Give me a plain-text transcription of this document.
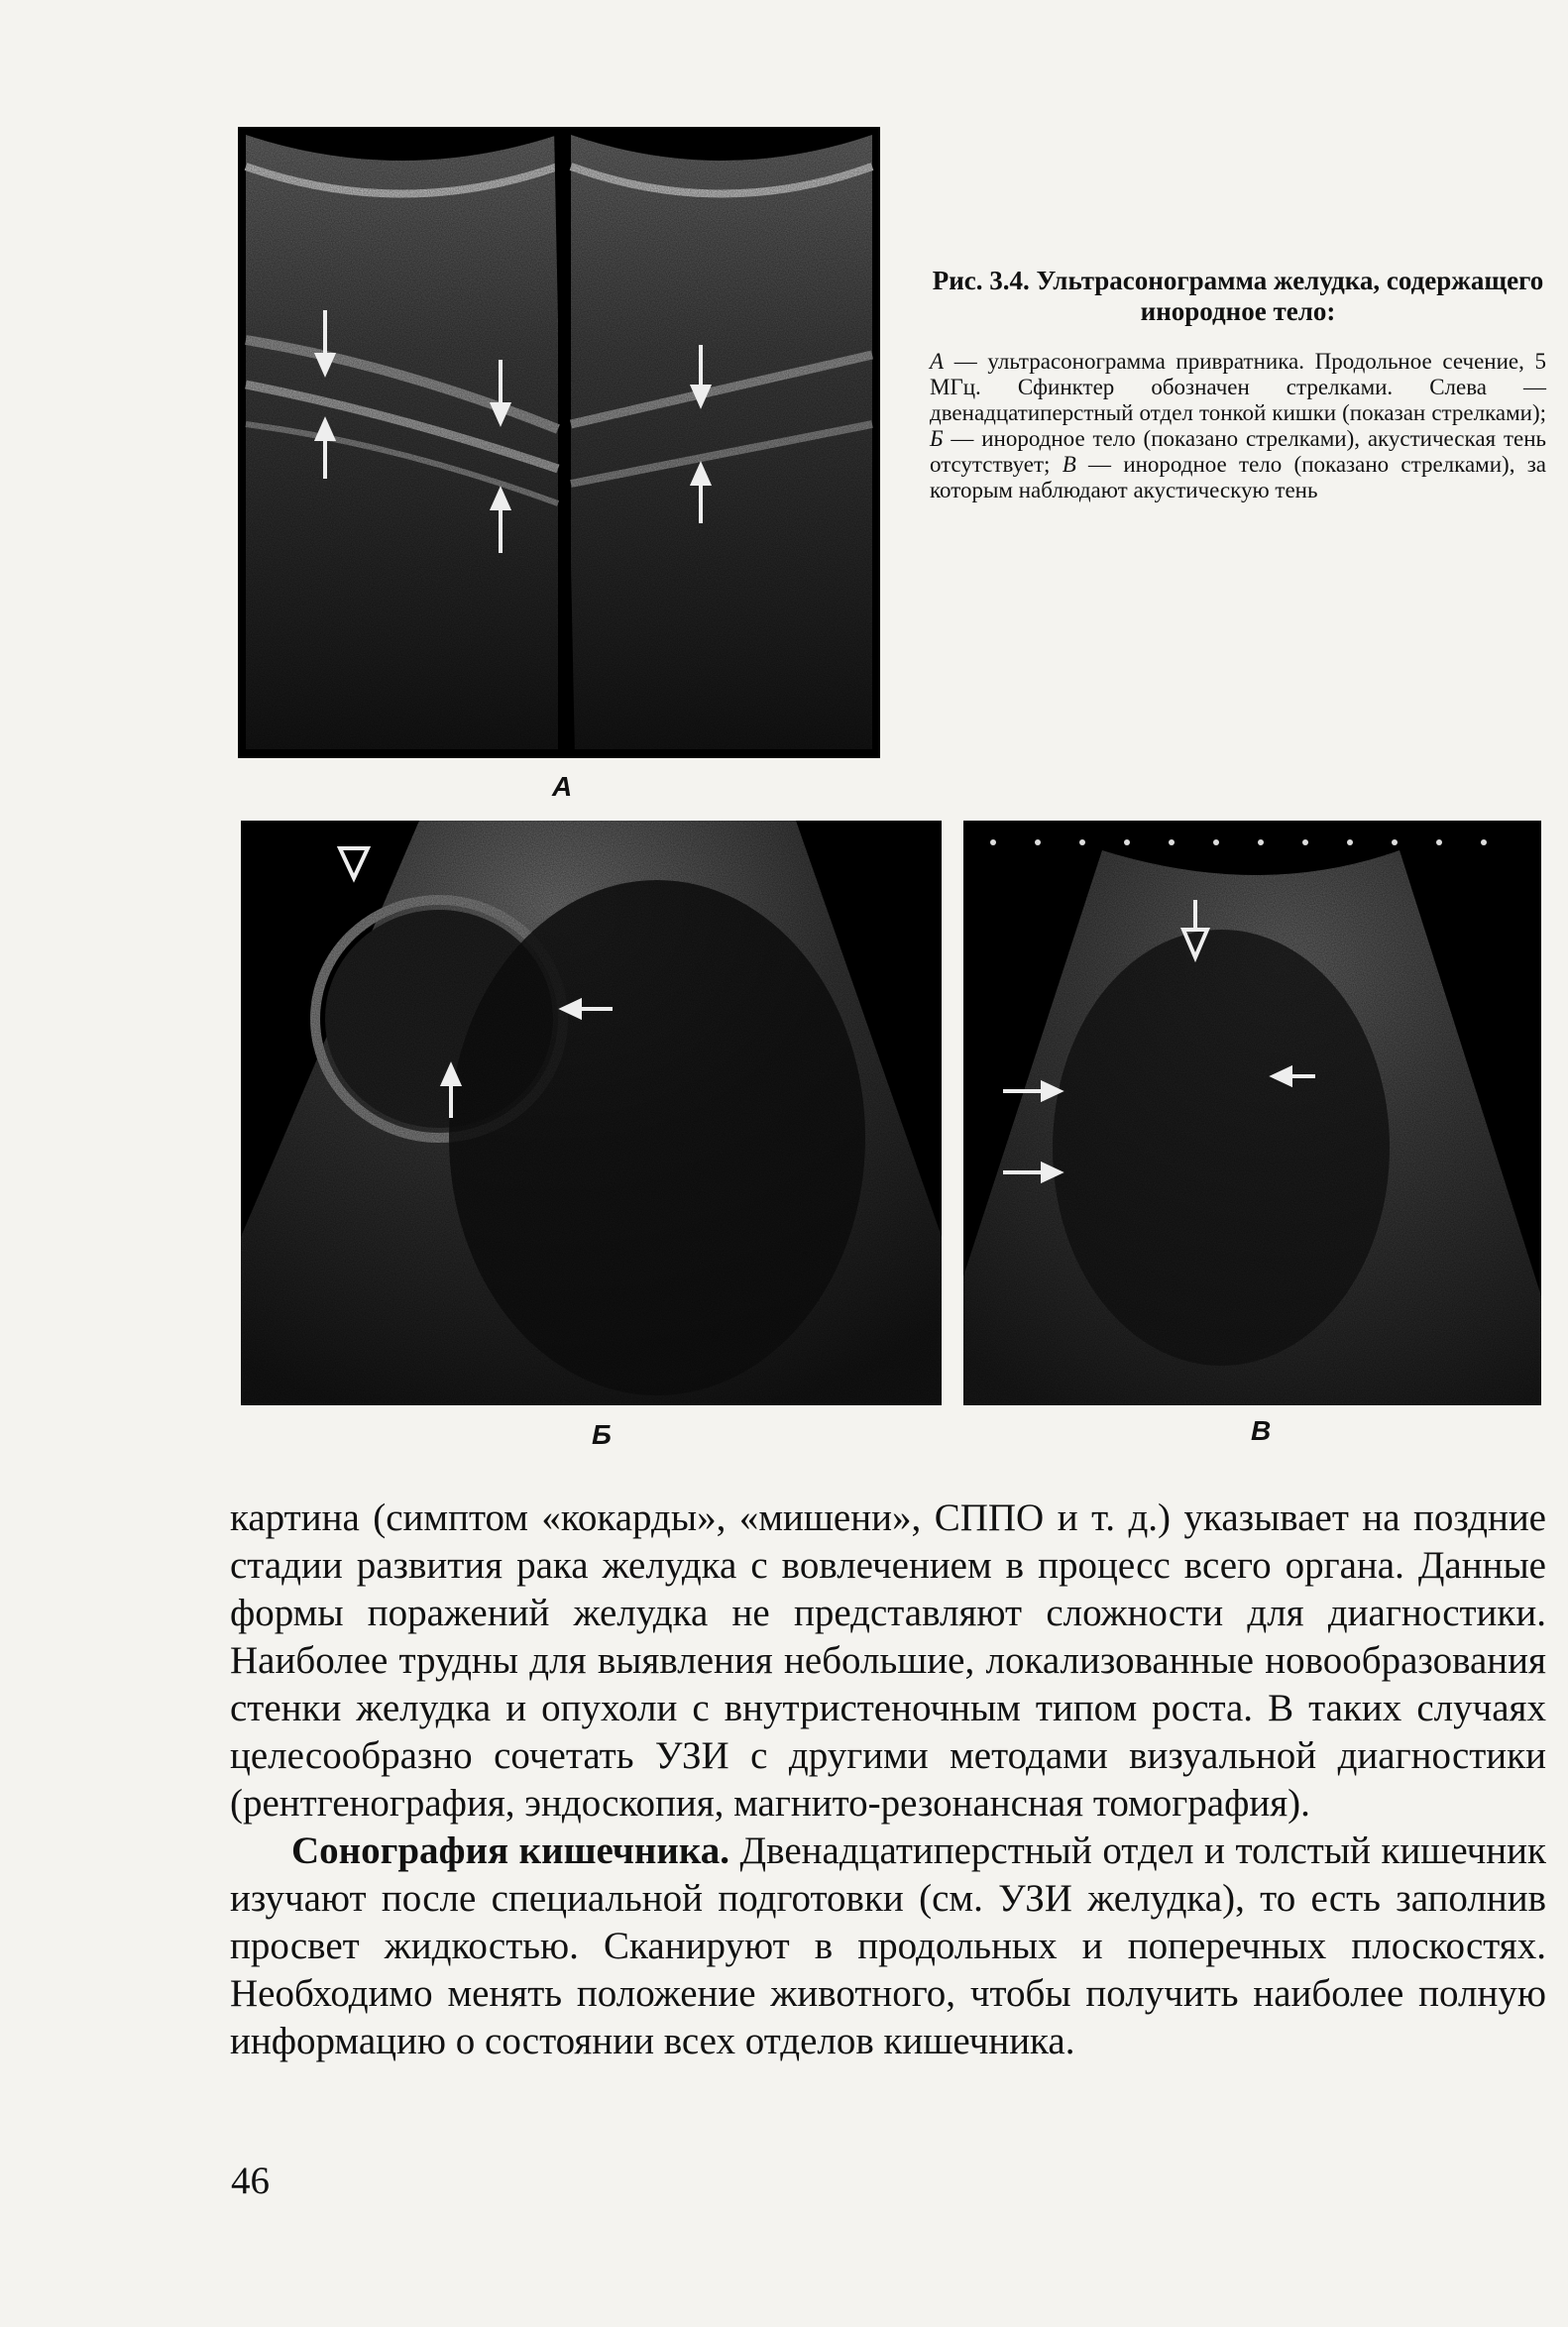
Рис. 3.4. Ультрасонограмма желудка, содержащего инородное тело:

А — ультрасонограмма привратника. Продольное сечение, 5 МГц. Сфинктер обозначен стрелками. Слева — двенадцатиперстный отдел тонкой кишки (показан стрелками); Б — инородное тело (показано стрелками), акустическая тень отсутствует; В — инородное тело (показано стрелками), за которым наблюдают акустическую тень

А
Б	В

картина (симптом «кокарды», «мишени», СППО и т. д.) указывает на поздние стадии развития рака желудка с вовлечением в процесс всего органа. Данные формы поражений желудка не представляют сложности для диагностики. Наиболее трудны для выявления небольшие, локализованные новообразования стенки желудка и опухоли с внутристеночным типом роста. В таких случаях целесообразно сочетать УЗИ с другими методами визуальной диагностики (рентгенография, эндоскопия, магнито-резонансная томография).

Сонография кишечника. Двенадцатиперстный отдел и толстый кишечник изучают после специальной подготовки (см. УЗИ желудка), то есть заполнив просвет жидкостью. Сканируют в продольных и поперечных плоскостях. Необходимо менять положение животного, чтобы получить наиболее полную информацию о состоянии всех отделов кишечника.

46
